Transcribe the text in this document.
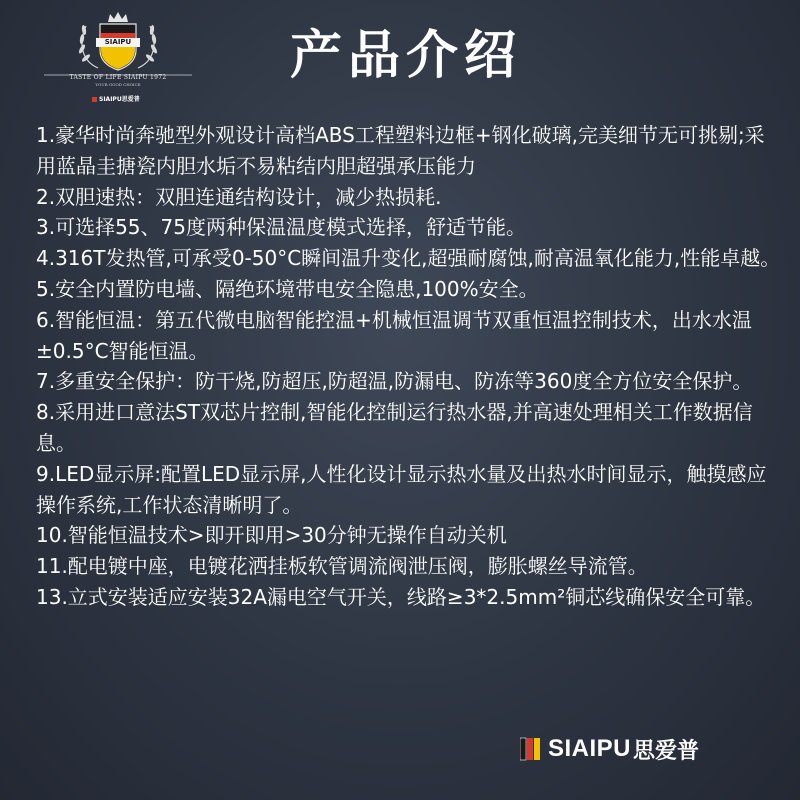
SIAIPU
TASTE OF LIFE SIAIPU 1972
YOUR GOOD CHOICE
SIAIPU思爱普
产品介绍
1.豪华时尚奔驰型外观设计高档ABS工程塑料边框+钢化破璃,完美细节无可挑剔;采用蓝晶圭搪瓷内胆水垢不易粘结内胆超强承压能力
2.双胆速热：双胆连通结构设计，减少热损耗.
3.可选择55、75度两种保温温度模式选择，舒适节能。
4.316T发热管,可承受0-50°C瞬间温升变化,超强耐腐蚀,耐高温氧化能力,性能卓越。
5.安全内置防电墙、隔绝环境带电安全隐患,100%安全。
6.智能恒温：第五代微电脑智能控温+机械恒温调节双重恒温控制技术，出水水温±0.5°C智能恒温。
7.多重安全保护：防干烧,防超压,防超温,防漏电、防冻等360度全方位安全保护。
8.采用进口意法ST双芯片控制,智能化控制运行热水器,并高速处理相关工作数据信息。
9.LED显示屏:配置LED显示屏,人性化设计显示热水量及出热水时间显示，触摸感应操作系统,工作状态清晰明了。
10.智能恒温技术>即开即用>30分钟无操作自动关机
11.配电镀中座，电镀花洒挂板软管调流阀泄压阀，膨胀螺丝导流管。
13.立式安装适应安装32A漏电空气开关，线路≥3*2.5mm²铜芯线确保安全可靠。
SIAIPU 思爱普
